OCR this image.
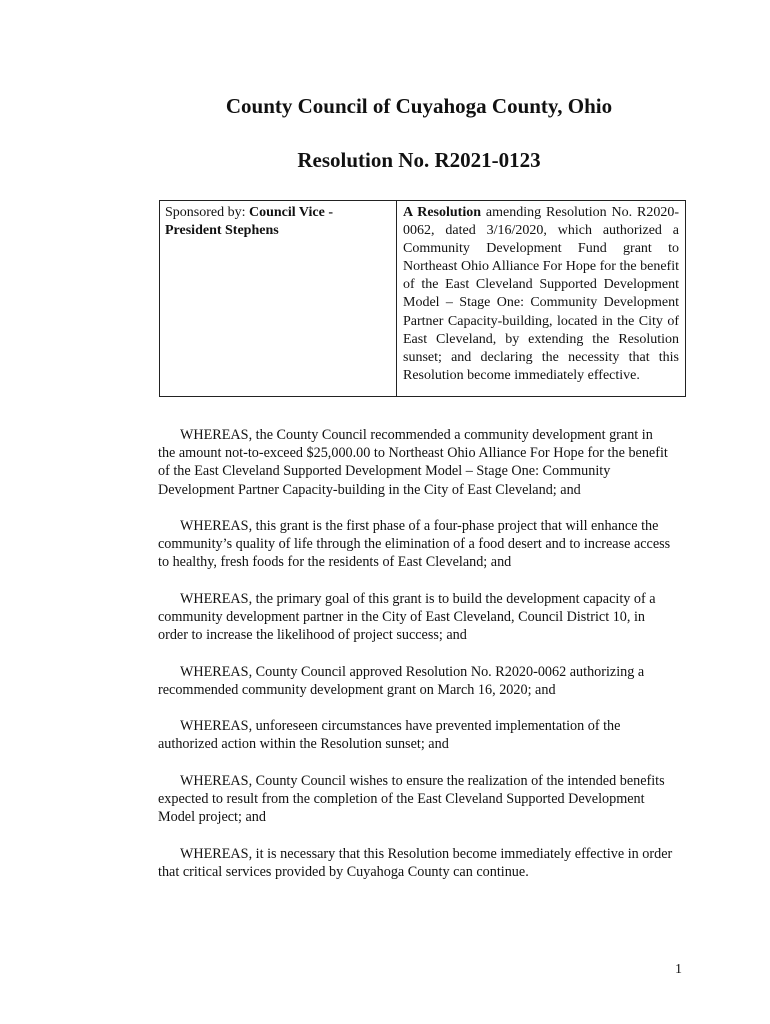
County Council of Cuyahoga County, Ohio
Resolution No. R2021-0123
Sponsored by: Council Vice - President Stephens
A Resolution amending Resolution No. R2020-0062, dated 3/16/2020, which authorized a Community Development Fund grant to Northeast Ohio Alliance For Hope for the benefit of the East Cleveland Supported Development Model – Stage One: Community Development Partner Capacity-building, located in the City of East Cleveland, by extending the Resolution sunset; and declaring the necessity that this Resolution become immediately effective.

WHEREAS, the County Council recommended a community development grant in the amount not-to-exceed $25,000.00 to Northeast Ohio Alliance For Hope for the benefit of the East Cleveland Supported Development Model – Stage One: Community Development Partner Capacity-building in the City of East Cleveland; and

WHEREAS, this grant is the first phase of a four-phase project that will enhance the community’s quality of life through the elimination of a food desert and to increase access to healthy, fresh foods for the residents of East Cleveland; and

WHEREAS, the primary goal of this grant is to build the development capacity of a community development partner in the City of East Cleveland, Council District 10, in order to increase the likelihood of project success; and

WHEREAS, County Council approved Resolution No. R2020-0062 authorizing a recommended community development grant on March 16, 2020; and

WHEREAS, unforeseen circumstances have prevented implementation of the authorized action within the Resolution sunset; and

WHEREAS, County Council wishes to ensure the realization of the intended benefits expected to result from the completion of the East Cleveland Supported Development Model project; and

WHEREAS, it is necessary that this Resolution become immediately effective in order that critical services provided by Cuyahoga County can continue.

1
